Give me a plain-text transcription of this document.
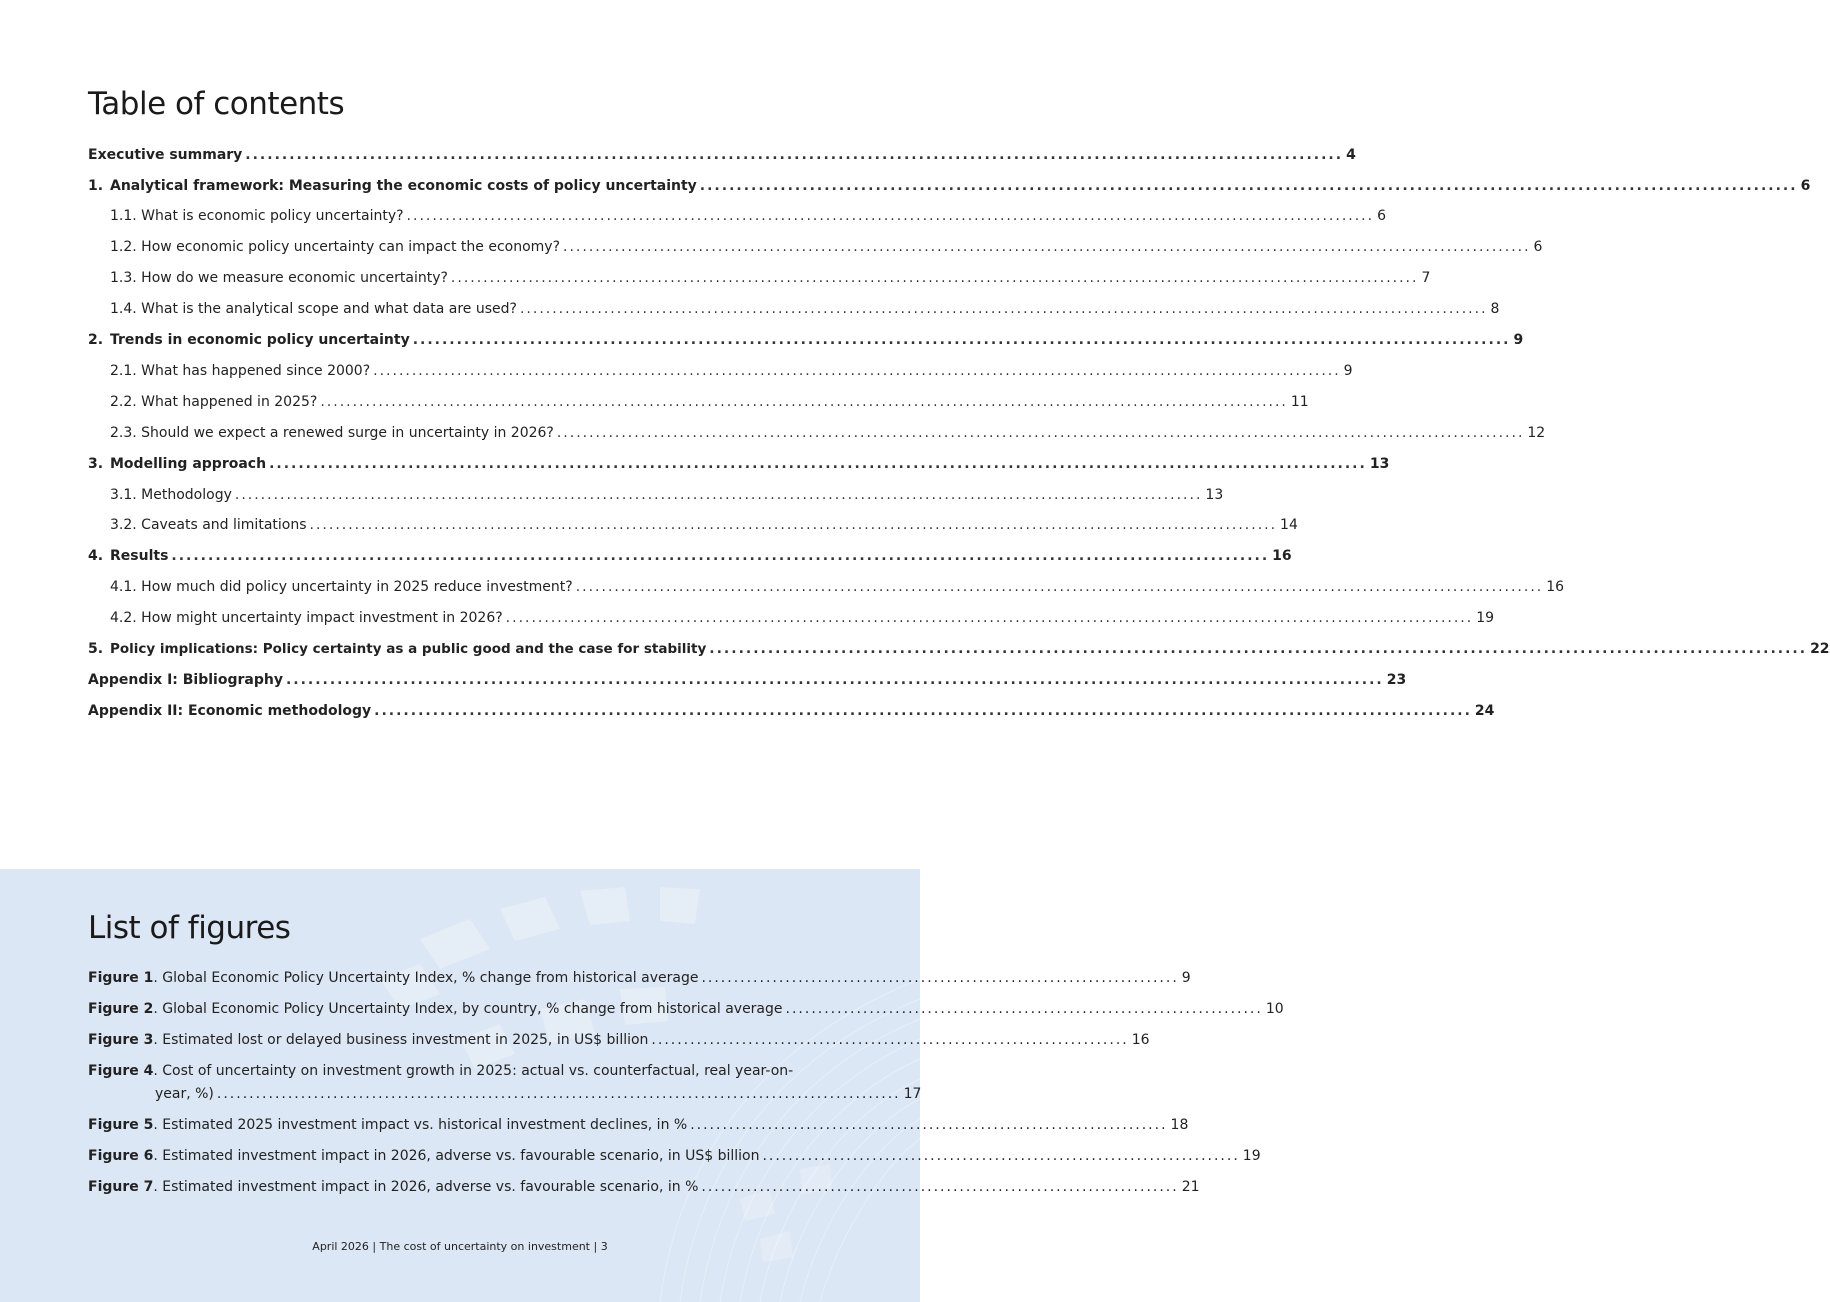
Table of contents
Executive summary ...................................................................................................................................................... 4
1. Analytical framework: Measuring the economic costs of policy uncertainty ...................................................................................................................................................... 6
1.1. What is economic policy uncertainty? ...................................................................................................................................................... 6
1.2. How economic policy uncertainty can impact the economy? ...................................................................................................................................................... 6
1.3. How do we measure economic uncertainty? ...................................................................................................................................................... 7
1.4. What is the analytical scope and what data are used? ...................................................................................................................................................... 8
2. Trends in economic policy uncertainty ...................................................................................................................................................... 9
2.1. What has happened since 2000? ...................................................................................................................................................... 9
2.2. What happened in 2025? ...................................................................................................................................................... 11
2.3. Should we expect a renewed surge in uncertainty in 2026? ...................................................................................................................................................... 12
3. Modelling approach ...................................................................................................................................................... 13
3.1. Methodology ...................................................................................................................................................... 13
3.2. Caveats and limitations ...................................................................................................................................................... 14
4. Results ...................................................................................................................................................... 16
4.1. How much did policy uncertainty in 2025 reduce investment? ...................................................................................................................................................... 16
4.2. How might uncertainty impact investment in 2026? ...................................................................................................................................................... 19
5. Policy implications: Policy certainty as a public good and the case for stability ...................................................................................................................................................... 22
Appendix I: Bibliography ...................................................................................................................................................... 23
Appendix II: Economic methodology ...................................................................................................................................................... 24
List of figures
Figure 1 . Global Economic Policy Uncertainty Index, % change from historical average .......................................................................... 9
Figure 2 . Global Economic Policy Uncertainty Index, by country, % change from historical average .......................................................................... 10
Figure 3 . Estimated lost or delayed business investment in 2025, in US$ billion .......................................................................... 16
Figure 4 . Cost of uncertainty on investment growth in 2025: actual vs. counterfactual, real year-on-
year, %) .......................................................................................................... 17
Figure 5 . Estimated 2025 investment impact vs. historical investment declines, in % .......................................................................... 18
Figure 6 . Estimated investment impact in 2026, adverse vs. favourable scenario, in US$ billion .......................................................................... 19
Figure 7 . Estimated investment impact in 2026, adverse vs. favourable scenario, in % .......................................................................... 21
April 2026 | The cost of uncertainty on investment | 3
